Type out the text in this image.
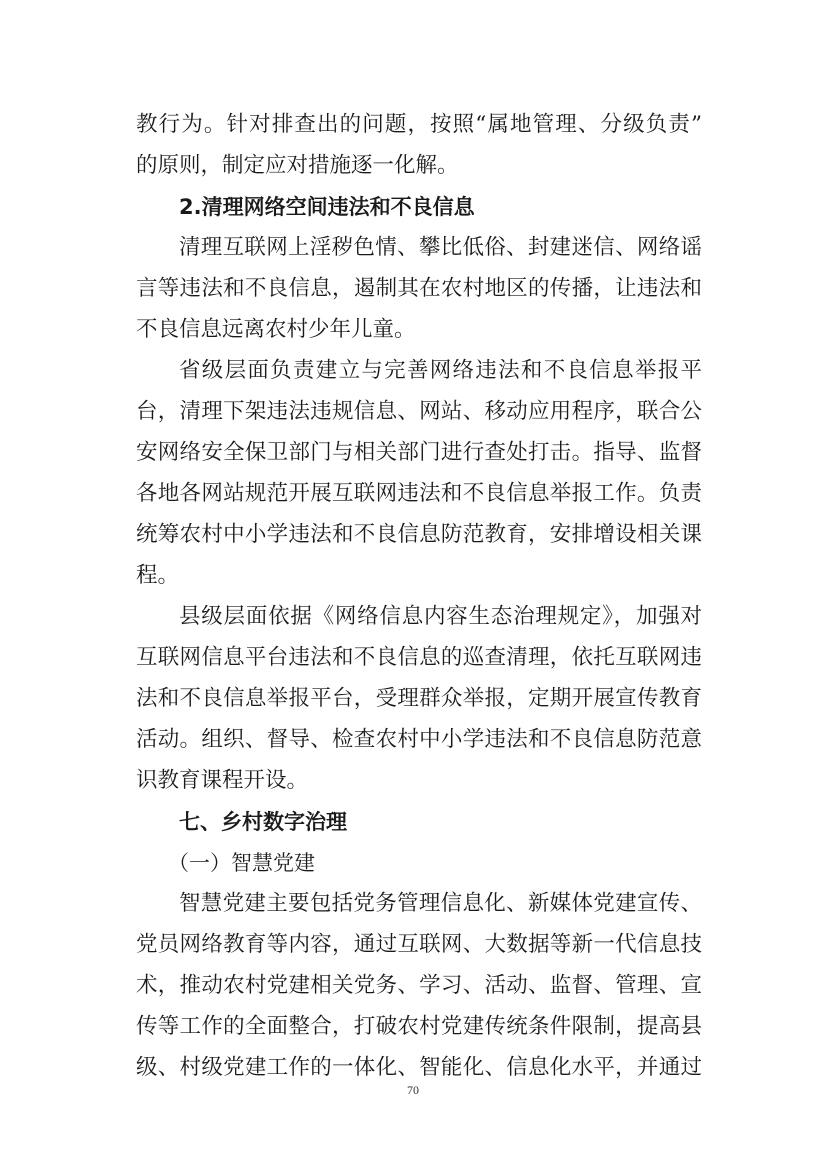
教行为。针对排查出的问题，按照“属地管理、分级负责”
的原则，制定应对措施逐一化解。
2.清理网络空间违法和不良信息
清理互联网上淫秽色情、攀比低俗、封建迷信、网络谣
言等违法和不良信息，遏制其在农村地区的传播，让违法和
不良信息远离农村少年儿童。
省级层面负责建立与完善网络违法和不良信息举报平
台，清理下架违法违规信息、网站、移动应用程序，联合公
安网络安全保卫部门与相关部门进行查处打击。指导、监督
各地各网站规范开展互联网违法和不良信息举报工作。负责
统筹农村中小学违法和不良信息防范教育，安排增设相关课
程。
县级层面依据《网络信息内容生态治理规定》，加强对
互联网信息平台违法和不良信息的巡查清理，依托互联网违
法和不良信息举报平台，受理群众举报，定期开展宣传教育
活动。组织、督导、检查农村中小学违法和不良信息防范意
识教育课程开设。
七、乡村数字治理
（一）智慧党建
智慧党建主要包括党务管理信息化、新媒体党建宣传、
党员网络教育等内容，通过互联网、大数据等新一代信息技
术，推动农村党建相关党务、学习、活动、监督、管理、宣
传等工作的全面整合，打破农村党建传统条件限制，提高县
级、村级党建工作的一体化、智能化、信息化水平，并通过
70
